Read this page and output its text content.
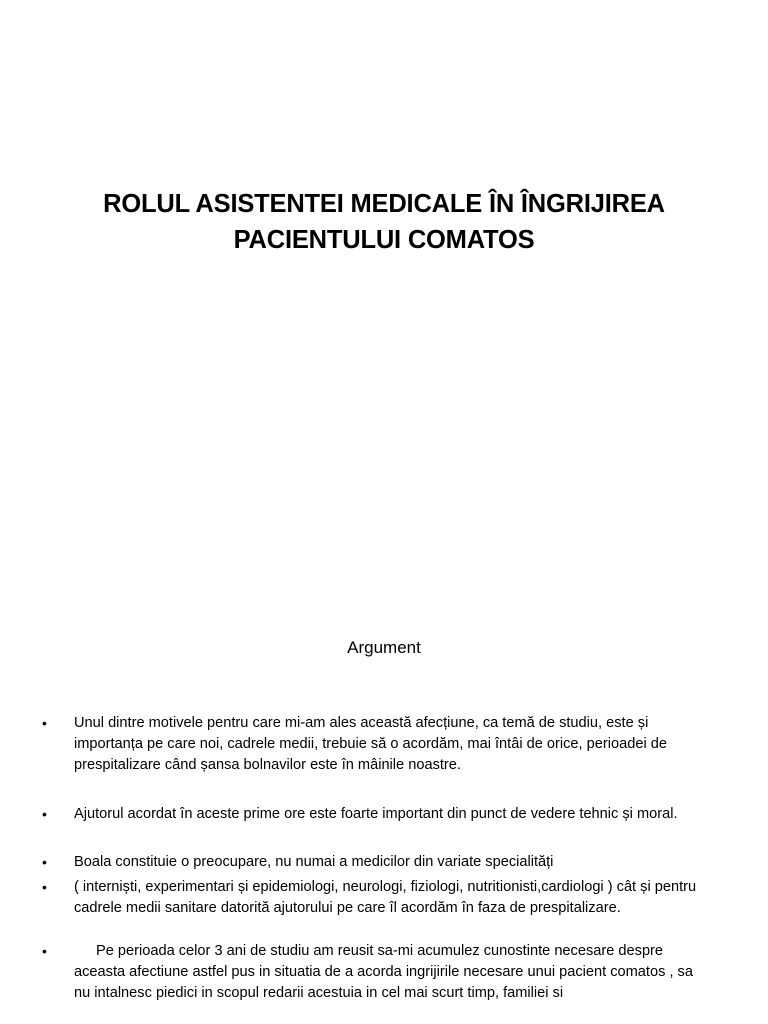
ROLUL ASISTENTEI MEDICALE ÎN ÎNGRIJIREA
PACIENTULUI COMATOS
Argument
•	Unul dintre motivele pentru care mi-am ales această afecțiune, ca temă de studiu, este și importanța pe care noi, cadrele medii, trebuie să o acordăm, mai întâi de orice, perioadei de prespitalizare când șansa bolnavilor este în mâinile noastre.
•	Ajutorul acordat în aceste prime ore este foarte important din punct de vedere tehnic și moral.
•	Boala constituie o preocupare, nu numai a medicilor din variate specialități
•	( interniști, experimentari și epidemiologi, neurologi, fiziologi, nutritionisti,cardiologi ) cât și pentru cadrele medii sanitare datorită ajutorului pe care îl acordăm în faza de prespitalizare.
•	Pe perioada celor 3 ani de studiu am reusit sa-mi acumulez cunostinte necesare despre aceasta afectiune astfel pus in situatia de a acorda ingrijirile necesare unui pacient comatos , sa nu intalnesc piedici in scopul redarii acestuia in cel mai scurt timp, familiei si
